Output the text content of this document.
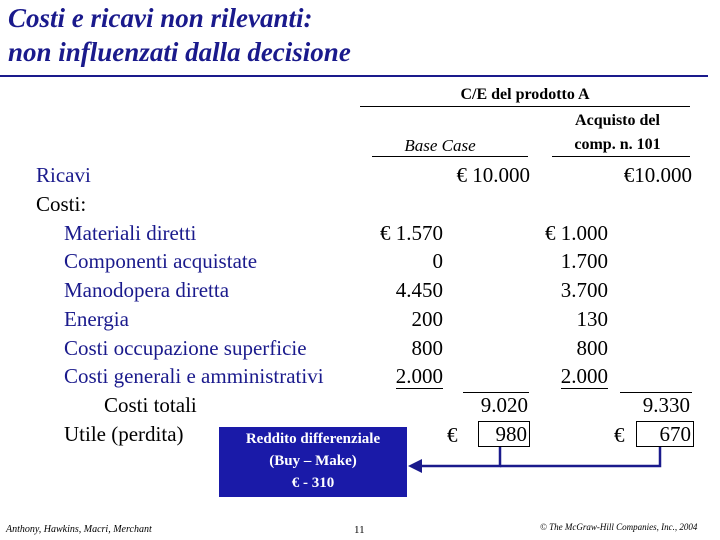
Costi e ricavi non rilevanti:
non influenzati dalla decisione
C/E del prodotto A
Base Case
Acquisto del
comp. n. 101
Ricavi	€ 10.000	€10.000
Costi:
Materiali diretti	€ 1.570	€ 1.000
Componenti acquistate	0	1.700
Manodopera diretta	4.450	3.700
Energia	200	130
Costi occupazione superficie	800	800
Costi generali e amministrativi	2.000	2.000
Costi totali	9.020	9.330
Utile (perdita)	€	980	€	670
Reddito differenziale
(Buy – Make)
€ - 310
Anthony, Hawkins, Macri, Merchant	11	© The McGraw-Hill Companies, Inc., 2004
